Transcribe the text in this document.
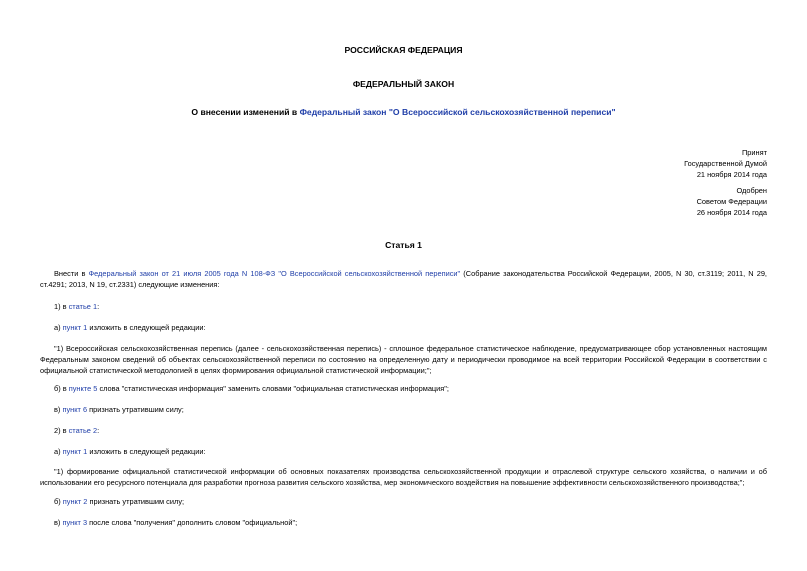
РОССИЙСКАЯ ФЕДЕРАЦИЯ
ФЕДЕРАЛЬНЫЙ ЗАКОН
О внесении изменений в Федеральный закон "О Всероссийской сельскохозяйственной переписи"
Принят
Государственной Думой
21 ноября 2014 года
Одобрен
Советом Федерации
26 ноября 2014 года
Статья 1
Внести в Федеральный закон от 21 июля 2005 года N 108-ФЗ "О Всероссийской сельскохозяйственной переписи" (Собрание законодательства Российской Федерации, 2005, N 30, ст.3119; 2011, N 29, ст.4291; 2013, N 19, ст.2331) следующие изменения:
1) в статье 1:
а) пункт 1 изложить в следующей редакции:
"1) Всероссийская сельскохозяйственная перепись (далее - сельскохозяйственная перепись) - сплошное федеральное статистическое наблюдение, предусматривающее сбор установленных настоящим Федеральным законом сведений об объектах сельскохозяйственной переписи по состоянию на определенную дату и периодически проводимое на всей территории Российской Федерации в соответствии с официальной статистической методологией в целях формирования официальной статистической информации;";
б) в пункте 5 слова "статистическая информация" заменить словами "официальная статистическая информация";
в) пункт 6 признать утратившим силу;
2) в статье 2:
а) пункт 1 изложить в следующей редакции:
"1) формирование официальной статистической информации об основных показателях производства сельскохозяйственной продукции и отраслевой структуре сельского хозяйства, о наличии и об использовании его ресурсного потенциала для разработки прогноза развития сельского хозяйства, мер экономического воздействия на повышение эффективности сельскохозяйственного производства;";
б) пункт 2 признать утратившим силу;
в) пункт 3 после слова "получения" дополнить словом "официальной";
